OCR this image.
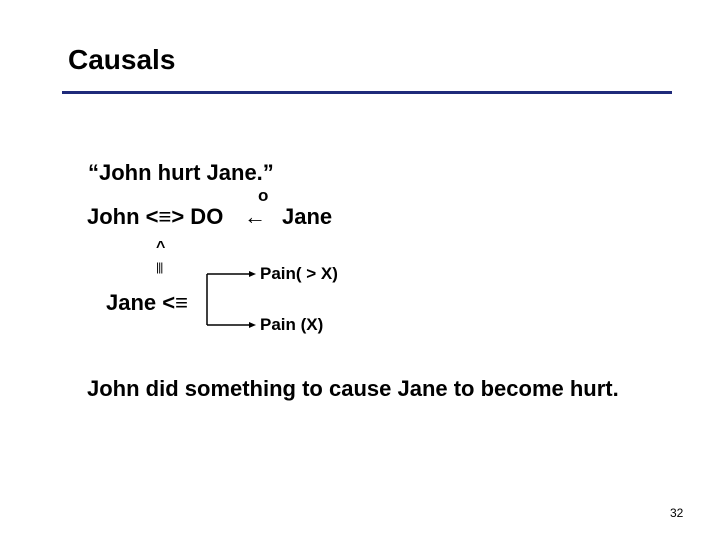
Causals
“John hurt Jane.”
o
John <≡> DO ← Jane
^
|||
Jane <≡
Pain( > X)
Pain (X)
John did something to cause Jane to become hurt.
32
